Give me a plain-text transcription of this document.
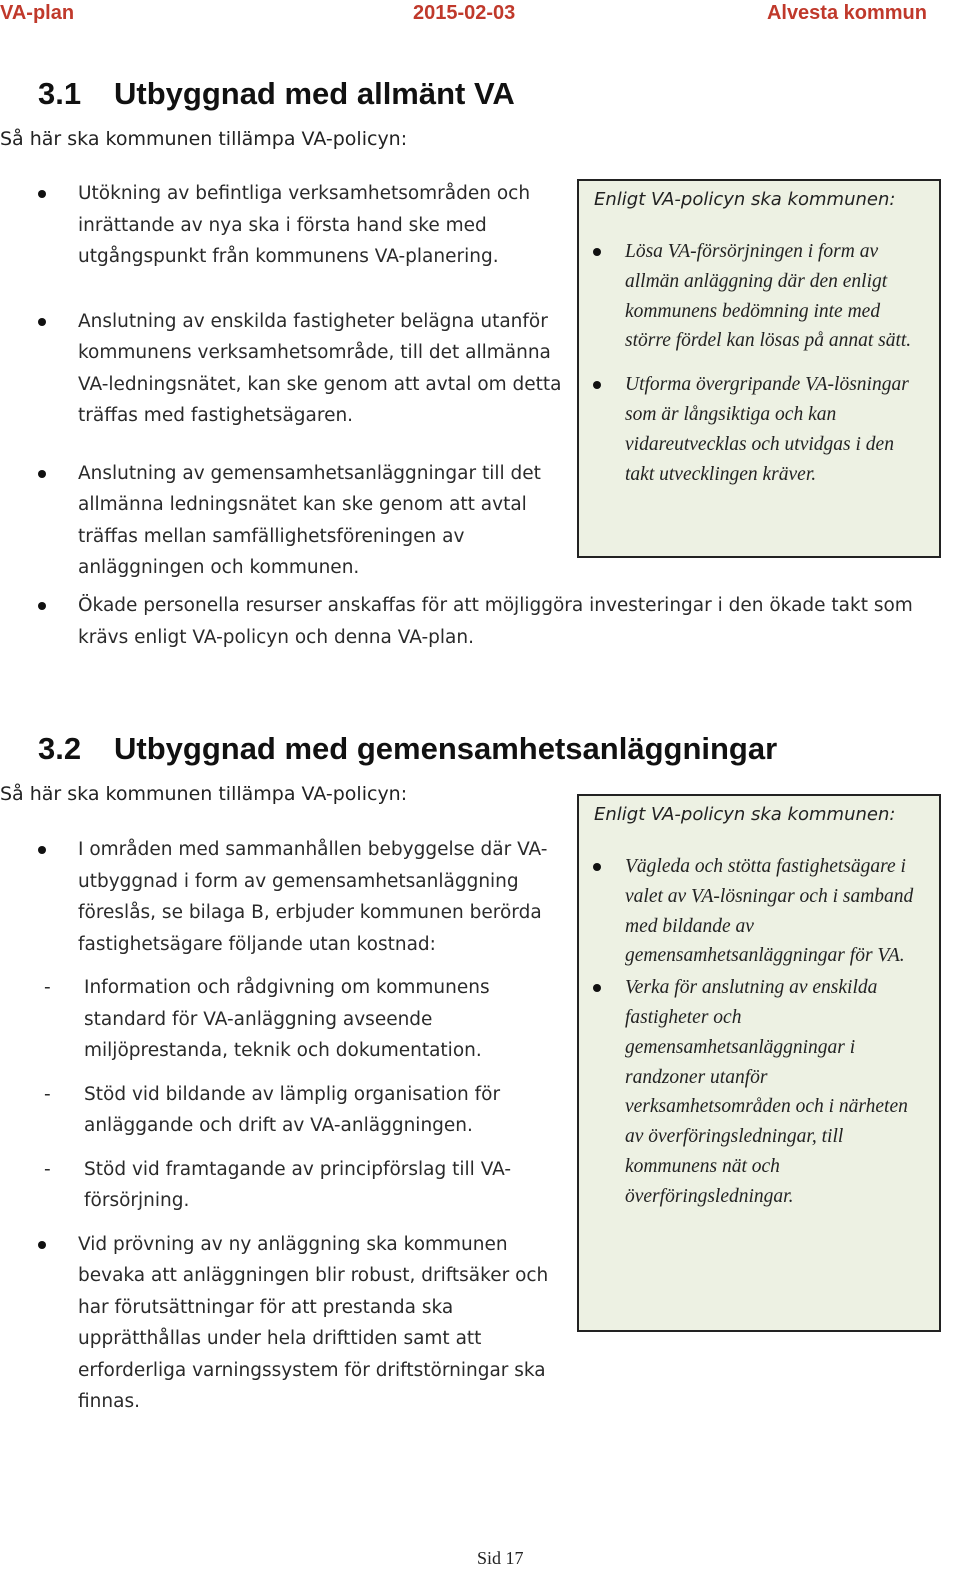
VA-plan	2015-02-03	Alvesta kommun
3.1 Utbyggnad med allmänt VA
Så här ska kommunen tillämpa VA-policyn:
Utökning av befintliga verksamhetsområden och inrättande av nya ska i första hand ske med utgångspunkt från kommunens VA-planering.
Anslutning av enskilda fastigheter belägna utanför kommunens verksamhetsområde, till det allmänna VA-ledningsnätet, kan ske genom att avtal om detta träffas med fastighetsägaren.
Anslutning av gemensamhetsanläggningar till det allmänna ledningsnätet kan ske genom att avtal träffas mellan samfällighetsföreningen av anläggningen och kommunen.
Enligt VA-policyn ska kommunen:
Lösa VA-försörjningen i form av allmän anläggning där den enligt kommunens bedömning inte med större fördel kan lösas på annat sätt.
Utforma övergripande VA-lösningar som är långsiktiga och kan vidareutvecklas och utvidgas i den takt utvecklingen kräver.
Ökade personella resurser anskaffas för att möjliggöra investeringar i den ökade takt som krävs enligt VA-policyn och denna VA-plan.
3.2 Utbyggnad med gemensamhetsanläggningar
Så här ska kommunen tillämpa VA-policyn:
I områden med sammanhållen bebyggelse där VA-utbyggnad i form av gemensamhetsanläggning föreslås, se bilaga B, erbjuder kommunen berörda fastighetsägare följande utan kostnad:
- Information och rådgivning om kommunens standard för VA-anläggning avseende miljöprestanda, teknik och dokumentation.
- Stöd vid bildande av lämplig organisation för anläggande och drift av VA-anläggningen.
- Stöd vid framtagande av principförslag till VA-försörjning.
Vid prövning av ny anläggning ska kommunen bevaka att anläggningen blir robust, driftsäker och har förutsättningar för att prestanda ska upprätthållas under hela drifttiden samt att erforderliga varningssystem för driftstörningar ska finnas.
Enligt VA-policyn ska kommunen:
Vägleda och stötta fastighetsägare i valet av VA-lösningar och i samband med bildande av gemensamhetsanläggningar för VA.
Verka för anslutning av enskilda fastigheter och gemensamhetsanläggningar i randzoner utanför verksamhetsområden och i närheten av överföringsledningar, till kommunens nät och överföringsledningar.
Sid 17
